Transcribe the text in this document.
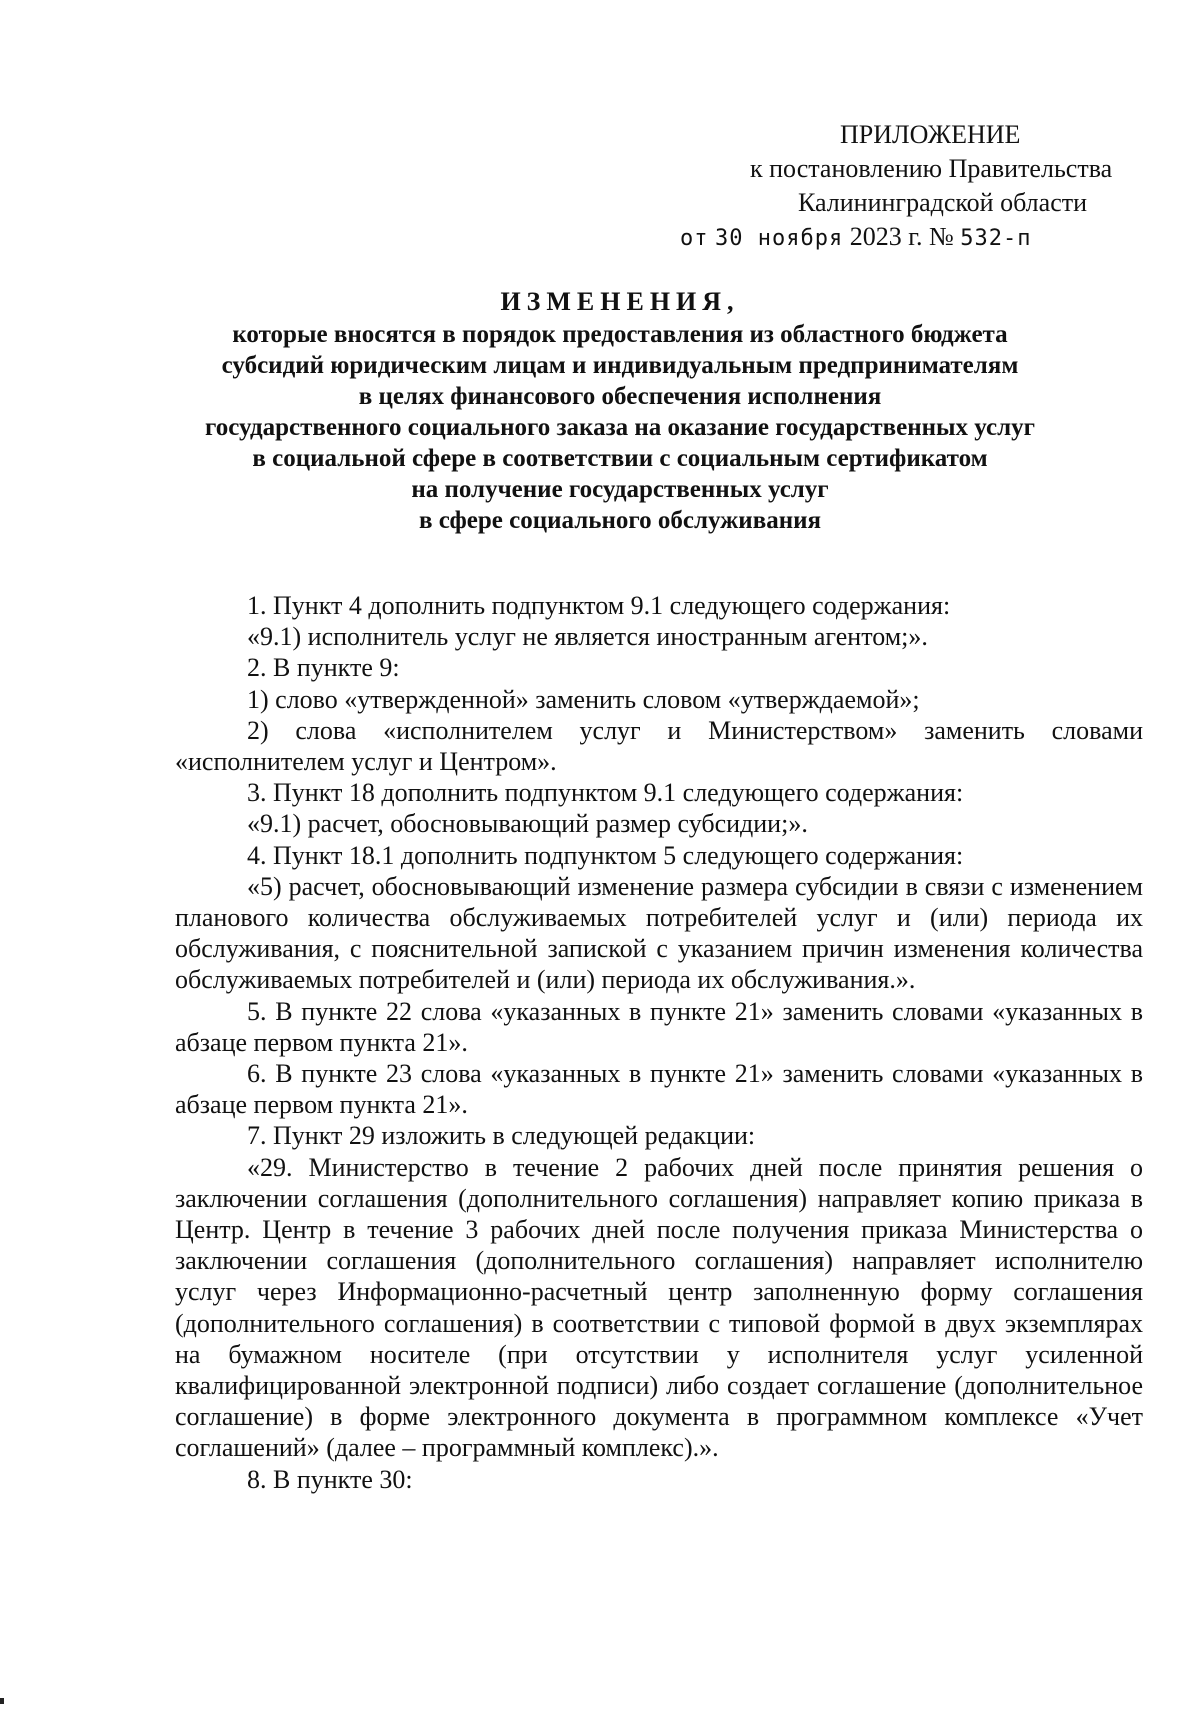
ПРИЛОЖЕНИЕ
к постановлению Правительства
Калининградской области
от 30 ноября 2023 г. № 532-п
ИЗМЕНЕНИЯ,
которые вносятся в порядок предоставления из областного бюджета
субсидий юридическим лицам и индивидуальным предпринимателям
в целях финансового обеспечения исполнения
государственного социального заказа на оказание государственных услуг
в социальной сфере в соответствии с социальным сертификатом
на получение государственных услуг
в сфере социального обслуживания

1. Пункт 4 дополнить подпунктом 9.1 следующего содержания:

«9.1) исполнитель услуг не является иностранным агентом;».

2. В пункте 9:

1) слово «утвержденной» заменить словом «утверждаемой»;

2) слова «исполнителем услуг и Министерством» заменить словами «исполнителем услуг и Центром».

3. Пункт 18 дополнить подпунктом 9.1 следующего содержания:

«9.1) расчет, обосновывающий размер субсидии;».

4. Пункт 18.1 дополнить подпунктом 5 следующего содержания:

«5) расчет, обосновывающий изменение размера субсидии в связи с изменением планового количества обслуживаемых потребителей услуг и (или) периода их обслуживания, с пояснительной запиской с указанием причин изменения количества обслуживаемых потребителей и (или) периода их обслуживания.».

5. В пункте 22 слова «указанных в пункте 21» заменить словами «указанных в абзаце первом пункта 21».

6. В пункте 23 слова «указанных в пункте 21» заменить словами «указанных в абзаце первом пункта 21».

7. Пункт 29 изложить в следующей редакции:

«29. Министерство в течение 2 рабочих дней после принятия решения о заключении соглашения (дополнительного соглашения) направляет копию приказа в Центр. Центр в течение 3 рабочих дней после получения приказа Министерства о заключении соглашения (дополнительного соглашения) направляет исполнителю услуг через Информационно-расчетный центр заполненную форму соглашения (дополнительного соглашения) в соответствии с типовой формой в двух экземплярах на бумажном носителе (при отсутствии у исполнителя услуг усиленной квалифицированной электронной подписи) либо создает соглашение (дополнительное соглашение) в форме электронного документа в программном комплексе «Учет соглашений» (далее – программный комплекс).».

8. В пункте 30:
